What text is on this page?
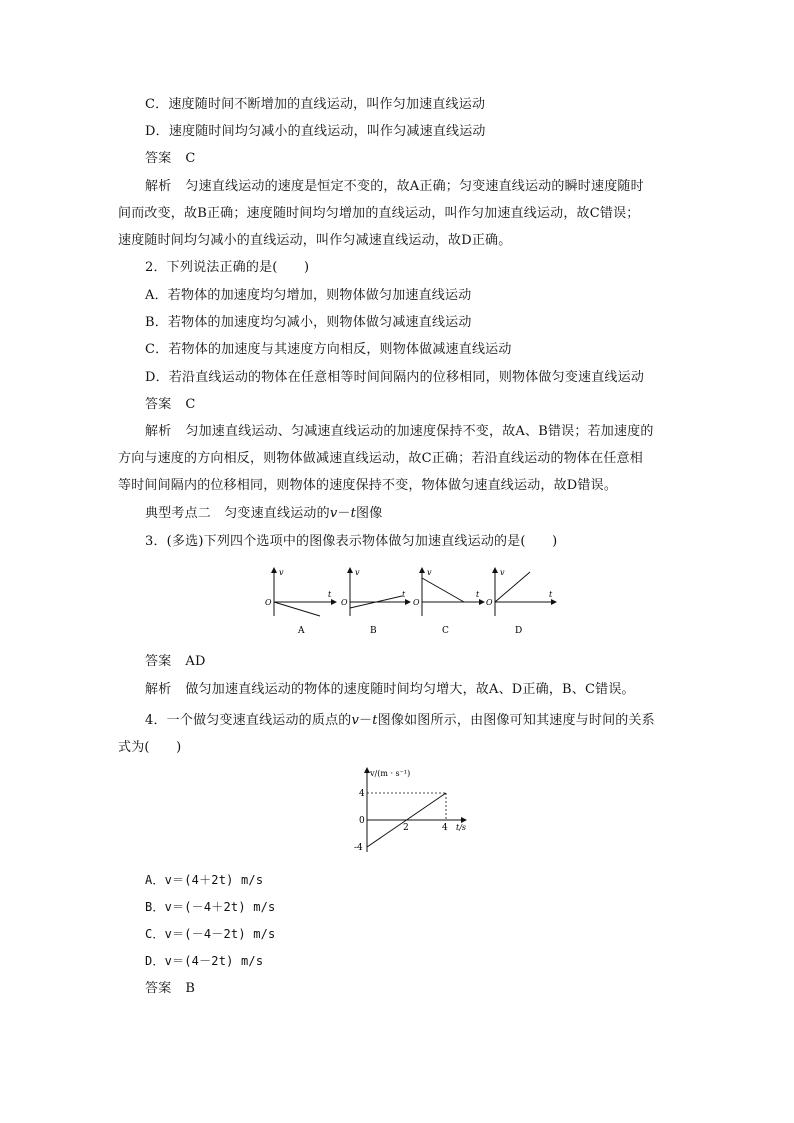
C．速度随时间不断增加的直线运动，叫作匀加速直线运动
D．速度随时间均匀减小的直线运动，叫作匀减速直线运动
答案 C
解析 匀速直线运动的速度是恒定不变的，故A正确；匀变速直线运动的瞬时速度随时
间而改变，故B正确；速度随时间均匀增加的直线运动，叫作匀加速直线运动，故C错误；
速度随时间均匀减小的直线运动，叫作匀减速直线运动，故D正确。
2．下列说法正确的是(　　)
A．若物体的加速度均匀增加，则物体做匀加速直线运动
B．若物体的加速度均匀减小，则物体做匀减速直线运动
C．若物体的加速度与其速度方向相反，则物体做减速直线运动
D．若沿直线运动的物体在任意相等时间间隔内的位移相同，则物体做匀变速直线运动
答案 C
解析 匀加速直线运动、匀减速直线运动的加速度保持不变，故A、B错误；若加速度的
方向与速度的方向相反，则物体做减速直线运动，故C正确；若沿直线运动的物体在任意相
等时间间隔内的位移相同，则物体的速度保持不变，物体做匀速直线运动，故D错误。
典型考点二　匀变速直线运动的v－t图像
3．(多选)下列四个选项中的图像表示物体做匀加速直线运动的是(　　)
v
t
O
A
v
t
O
B
v
t
O
C
v
t
O
D
答案 AD
解析 做匀加速直线运动的物体的速度随时间均匀增大，故A、D正确，B、C错误。
4．一个做匀变速直线运动的质点的v－t图像如图所示，由图像可知其速度与时间的关系
式为(　　)
v/(m · s⁻¹)
t/s
4
0
-4
2	4
A．v＝(4＋2t) m/s
B．v＝(－4＋2t) m/s
C．v＝(－4－2t) m/s
D．v＝(4－2t) m/s
答案 B
